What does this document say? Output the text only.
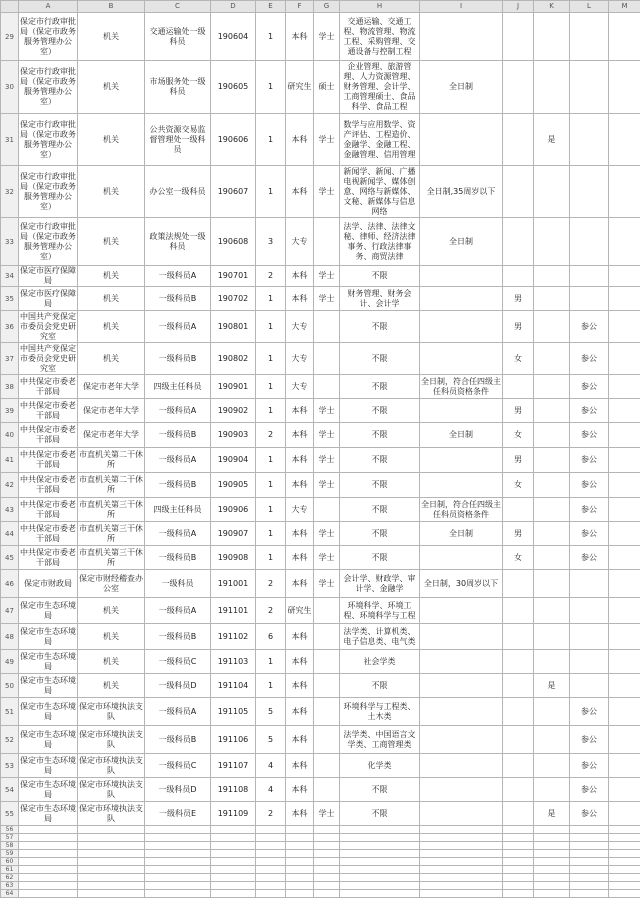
	A	B	C	D	E	F	G	H	I	J	K	L	M
29	保定市行政审批局（保定市政务服务管理办公室）	机关	交通运输处一级科员	190604	1	本科	学士	交通运输、交通工程、物流管理、物流工程、采购管理、交通设备与控制工程					
30	保定市行政审批局（保定市政务服务管理办公室）	机关	市场服务处一级科员	190605	1	研究生	硕士	企业管理、旅游管理、人力资源管理、财务管理、会计学、工商管理硕士、食品科学、食品工程	全日制				
31	保定市行政审批局（保定市政务服务管理办公室）	机关	公共资源交易监督管理处一级科员	190606	1	本科	学士	数学与应用数学、资产评估、工程造价、金融学、金融工程、金融管理、信用管理			是		
32	保定市行政审批局（保定市政务服务管理办公室）	机关	办公室一级科员	190607	1	本科	学士	新闻学、新闻、广播电视新闻学、媒体创意、网络与新媒体、文秘、新媒体与信息网络	全日制,35周岁以下				
33	保定市行政审批局（保定市政务服务管理办公室）	机关	政策法规处一级科员	190608	3	大专		法学、法律、法律文秘、律师、经济法律事务、行政法律事务、商贸法律	全日制				
34	保定市医疗保障局	机关	一级科员A	190701	2	本科	学士	不限					
35	保定市医疗保障局	机关	一级科员B	190702	1	本科	学士	财务管理、财务会计、会计学		男			
36	中国共产党保定市委员会党史研究室	机关	一级科员A	190801	1	大专		不限		男		参公	
37	中国共产党保定市委员会党史研究室	机关	一级科员B	190802	1	大专		不限		女		参公	
38	中共保定市委老干部局	保定市老年大学	四级主任科员	190901	1	大专		不限	全日制，符合任四级主任科员资格条件			参公	
39	中共保定市委老干部局	保定市老年大学	一级科员A	190902	1	本科	学士	不限		男		参公	
40	中共保定市委老干部局	保定市老年大学	一级科员B	190903	2	本科	学士	不限	全日制	女		参公	
41	中共保定市委老干部局	市直机关第二干休所	一级科员A	190904	1	本科	学士	不限		男		参公	
42	中共保定市委老干部局	市直机关第二干休所	一级科员B	190905	1	本科	学士	不限		女		参公	
43	中共保定市委老干部局	市直机关第三干休所	四级主任科员	190906	1	大专		不限	全日制，符合任四级主任科员资格条件			参公	
44	中共保定市委老干部局	市直机关第三干休所	一级科员A	190907	1	本科	学士	不限	全日制	男		参公	
45	中共保定市委老干部局	市直机关第三干休所	一级科员B	190908	1	本科	学士	不限		女		参公	
46	保定市财政局	保定市财经稽查办公室	一级科员	191001	2	本科	学士	会计学、财政学、审计学、金融学	全日制，30周岁以下				
47	保定市生态环境局	机关	一级科员A	191101	2	研究生		环境科学、环境工程、环境科学与工程					
48	保定市生态环境局	机关	一级科员B	191102	6	本科		法学类、计算机类、电子信息类、电气类					
49	保定市生态环境局	机关	一级科员C	191103	1	本科		社会学类					
50	保定市生态环境局	机关	一级科员D	191104	1	本科		不限			是		
51	保定市生态环境局	保定市环境执法支队	一级科员A	191105	5	本科		环境科学与工程类、土木类				参公	
52	保定市生态环境局	保定市环境执法支队	一级科员B	191106	5	本科		法学类、中国语言文学类、工商管理类				参公	
53	保定市生态环境局	保定市环境执法支队	一级科员C	191107	4	本科		化学类				参公	
54	保定市生态环境局	保定市环境执法支队	一级科员D	191108	4	本科		不限				参公	
55	保定市生态环境局	保定市环境执法支队	一级科员E	191109	2	本科	学士	不限			是	参公	
56													
57													
58													
59													
60													
61													
62													
63													
64													
